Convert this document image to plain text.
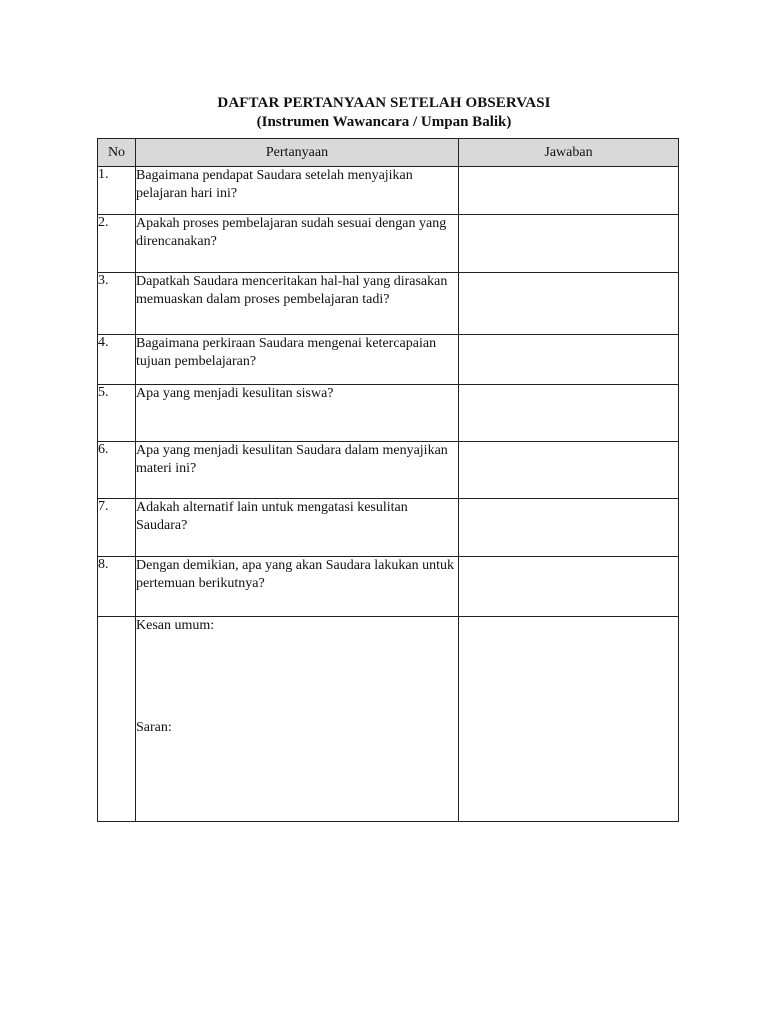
DAFTAR PERTANYAAN SETELAH OBSERVASI
(Instrumen Wawancara / Umpan Balik)
No	Pertanyaan	Jawaban
1.	Bagaimana pendapat Saudara setelah menyajikan pelajaran hari ini?	
2.	Apakah proses pembelajaran sudah sesuai dengan yang direncanakan?	
3.	Dapatkah Saudara menceritakan hal-hal yang dirasakan memuaskan dalam proses pembelajaran tadi?	
4.	Bagaimana perkiraan Saudara mengenai ketercapaian tujuan pembelajaran?	
5.	Apa yang menjadi kesulitan siswa?	
6.	Apa yang menjadi kesulitan Saudara dalam menyajikan materi ini?	
7.	Adakah alternatif lain untuk mengatasi kesulitan Saudara?	
8.	Dengan demikian, apa yang akan Saudara lakukan untuk pertemuan berikutnya?	
	Kesan umum:
Saran:	
